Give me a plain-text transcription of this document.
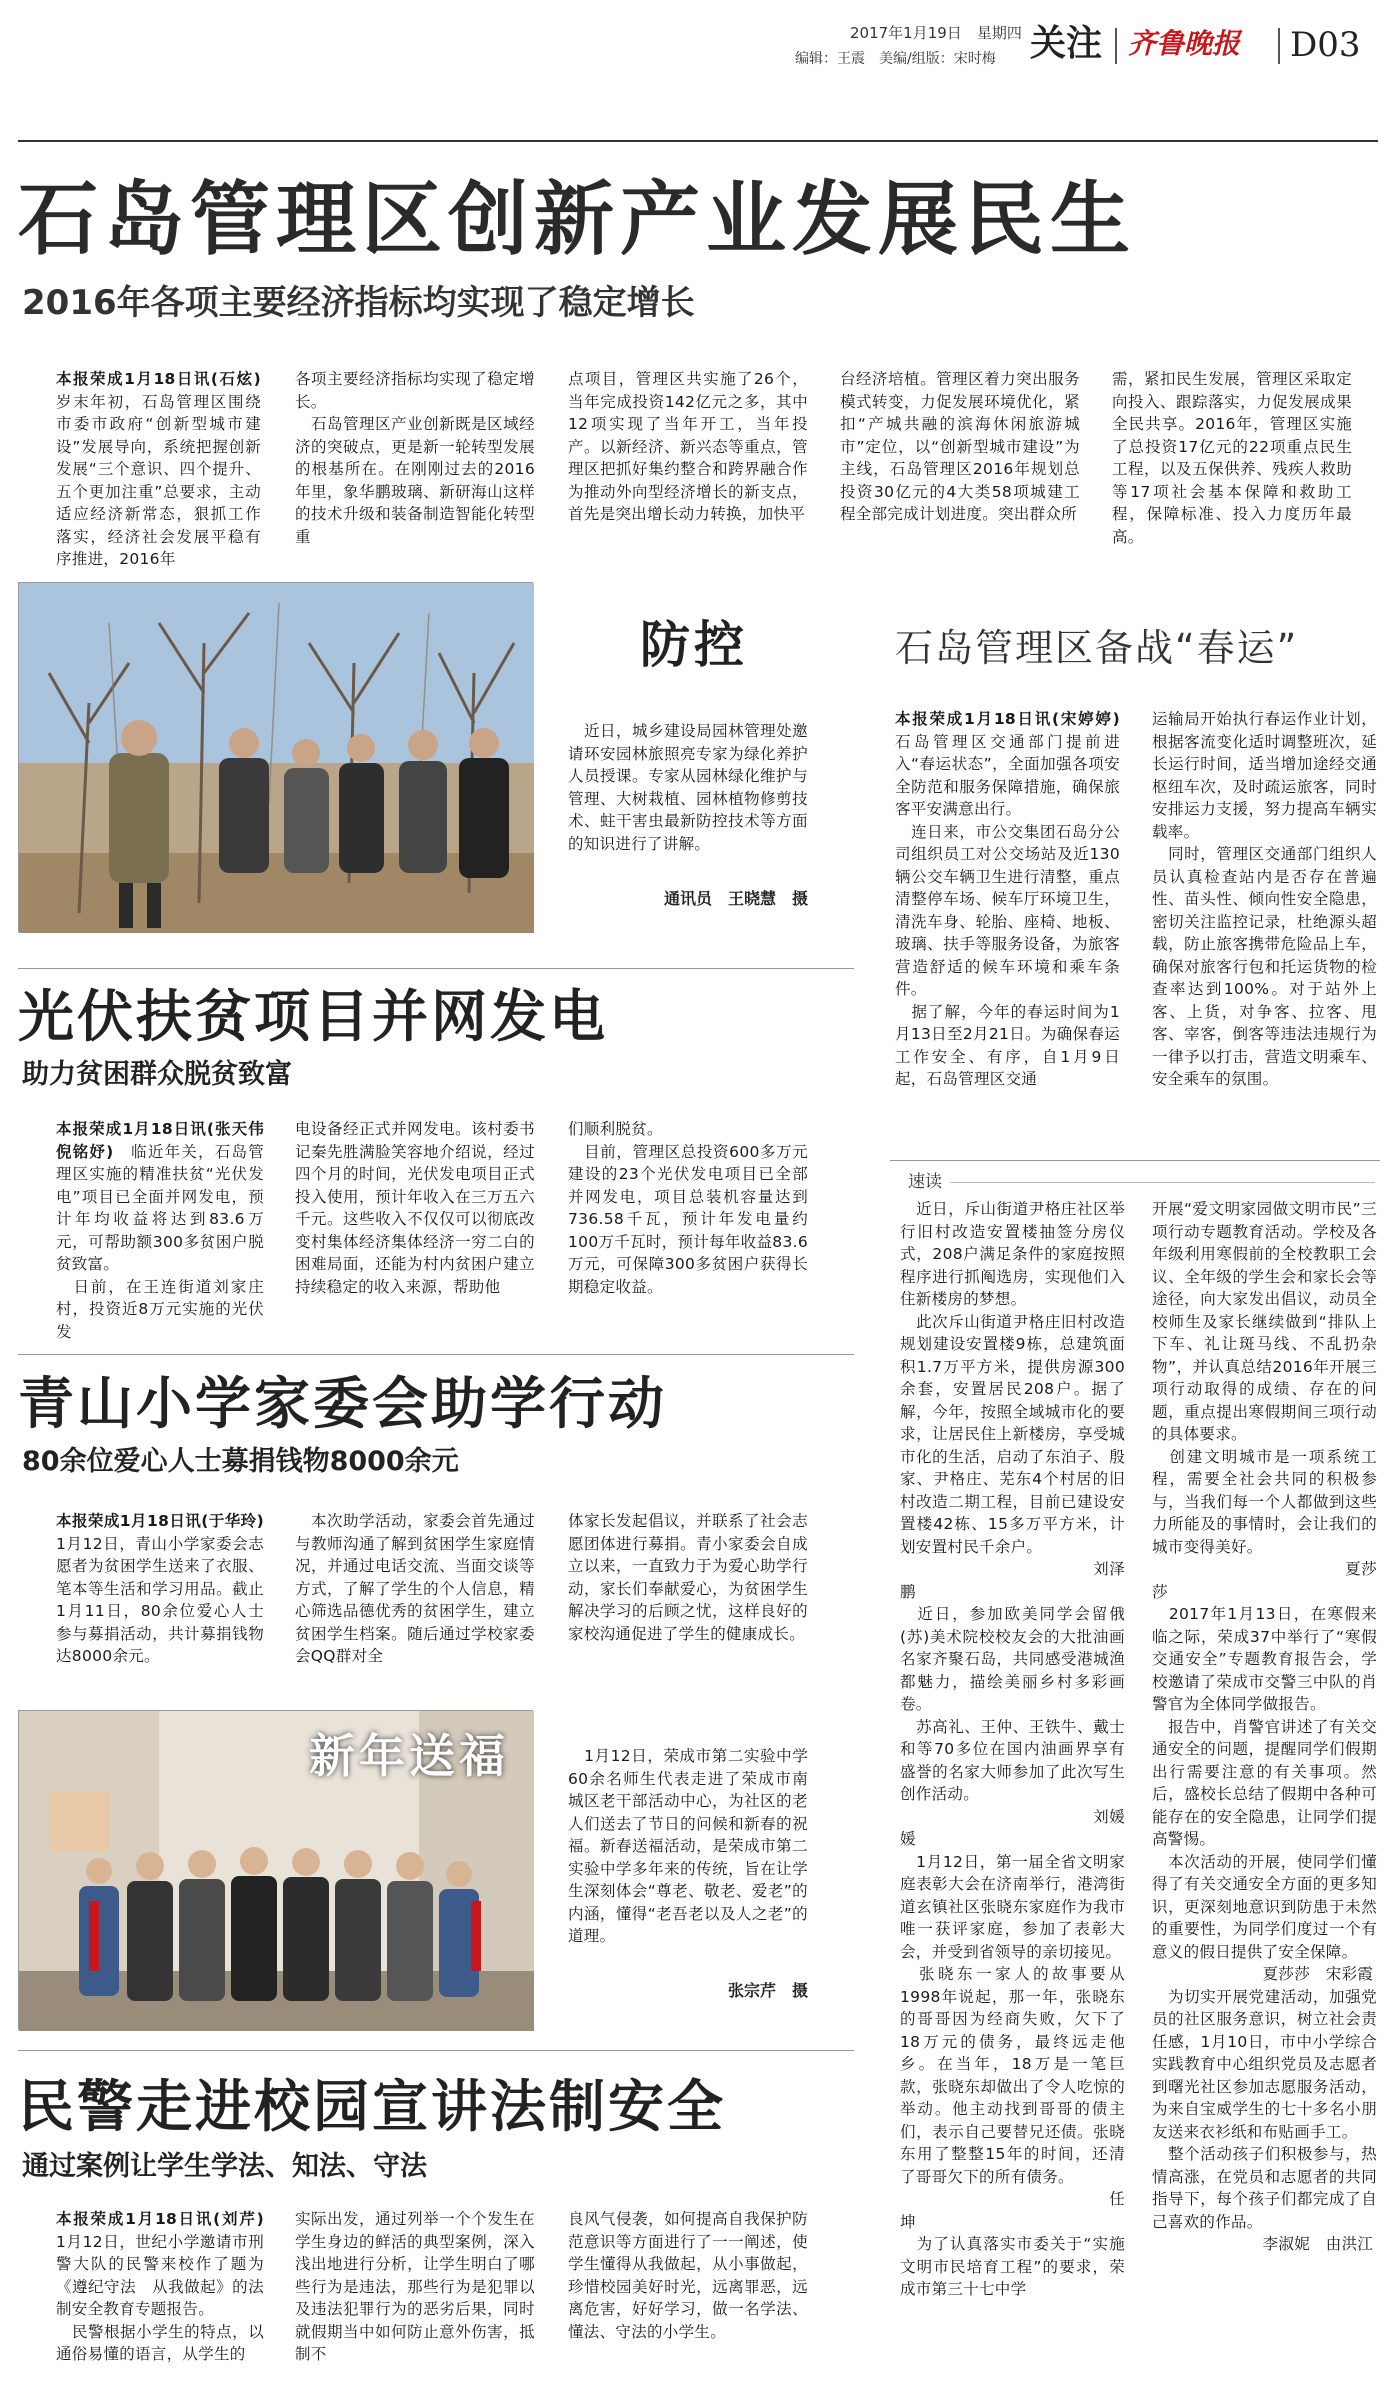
2017年1月19日　 星期四
编辑：王震　美编/组版：宋时梅 关注 齐鲁晚报 D03
石岛管理区创新产业发展民生
2016年各项主要经济指标均实现了稳定增长
本报荣成1月18日讯(石炫)　岁末年初，石岛管理区围绕市委市政府“创新型城市建设”发展导向，系统把握创新发展“三个意识、四个提升、五个更加注重”总要求，主动适应经济新常态，狠抓工作落实，经济社会发展平稳有序推进，2016年
各项主要经济指标均实现了稳定增长。
　石岛管理区产业创新既是区域经济的突破点，更是新一轮转型发展的根基所在。在刚刚过去的2016年里，象华鹏玻璃、新研海山这样的技术升级和装备制造智能化转型重
点项目，管理区共实施了26个，当年完成投资142亿元之多，其中12项实现了当年开工，当年投产。以新经济、新兴态等重点，管理区把抓好集约整合和跨界融合作为推动外向型经济增长的新支点，首先是突出增长动力转换，加快平
台经济培植。管理区着力突出服务模式转变，力促发展环境优化，紧扣“产城共融的滨海休闲旅游城市”定位，以“创新型城市建设”为主线，石岛管理区2016年规划总投资30亿元的4大类58项城建工程全部完成计划进度。突出群众所
需，紧扣民生发展，管理区采取定向投入、跟踪落实，力促发展成果全民共享。2016年，管理区实施了总投资17亿元的22项重点民生工程，以及五保供养、残疾人救助等17项社会基本保障和救助工程，保障标准、投入力度历年最高。
防控
　近日，城乡建设局园林管理处邀请环安园林旅照亮专家为绿化养护人员授课。专家从园林绿化维护与管理、大树栽植、园林植物修剪技术、蛀干害虫最新防控技术等方面的知识进行了讲解。
通讯员　王晓慧　摄
石岛管理区备战“春运”
本报荣成1月18日讯(宋婷婷)　石岛管理区交通部门提前进入“春运状态”，全面加强各项安全防范和服务保障措施，确保旅客平安满意出行。
　连日来，市公交集团石岛分公司组织员工对公交场站及近130辆公交车辆卫生进行清整，重点清整停车场、候车厅环境卫生，清洗车身、轮胎、座椅、地板、玻璃、扶手等服务设备，为旅客营造舒适的候车环境和乘车条件。
　据了解，今年的春运时间为1月13日至2月21日。为确保春运工作安全、有序，自1月9日起，石岛管理区交通
运输局开始执行春运作业计划，根据客流变化适时调整班次，延长运行时间，适当增加途经交通枢纽车次，及时疏运旅客，同时安排运力支援，努力提高车辆实载率。
　同时，管理区交通部门组织人员认真检查站内是否存在普遍性、苗头性、倾向性安全隐患，密切关注监控记录，杜绝源头超载，防止旅客携带危险品上车，确保对旅客行包和托运货物的检查率达到100%。对于站外上客、上货，对争客、拉客、甩客、宰客，倒客等违法违规行为一律予以打击，营造文明乘车、安全乘车的氛围。
光伏扶贫项目并网发电
助力贫困群众脱贫致富
本报荣成1月18日讯(张天伟　倪铭妤)　临近年关，石岛管理区实施的精准扶贫“光伏发电”项目已全面并网发电，预计年均收益将达到83.6万元，可帮助额300多贫困户脱贫致富。
　日前，在王连街道刘家庄村，投资近8万元实施的光伏发
电设备经正式并网发电。该村委书记秦先胜满脸笑容地介绍说，经过四个月的时间，光伏发电项目正式投入使用，预计年收入在三万五六千元。这些收入不仅仅可以彻底改变村集体经济集体经济一穷二白的困难局面，还能为村内贫困户建立持续稳定的收入来源，帮助他
们顺利脱贫。
　目前，管理区总投资600多万元建设的23个光伏发电项目已全部并网发电，项目总装机容量达到736.58千瓦，预计年发电量约100万千瓦时，预计每年收益83.6万元，可保障300多贫困户获得长期稳定收益。
青山小学家委会助学行动
80余位爱心人士募捐钱物8000余元
本报荣成1月18日讯(于华玲)　1月12日，青山小学家委会志愿者为贫困学生送来了衣服、笔本等生活和学习用品。截止1月11日，80余位爱心人士参与募捐活动，共计募捐钱物达8000余元。
　本次助学活动，家委会首先通过与教师沟通了解到贫困学生家庭情况，并通过电话交流、当面交谈等方式，了解了学生的个人信息，精心筛选品德优秀的贫困学生，建立贫困学生档案。随后通过学校家委会QQ群对全
体家长发起倡议，并联系了社会志愿团体进行募捐。青小家委会自成立以来，一直致力于为爱心助学行动，家长们奉献爱心，为贫困学生解决学习的后顾之忧，这样良好的家校沟通促进了学生的健康成长。
新年送福	　1月12日，荣成市第二实验中学60余名师生代表走进了荣成市南城区老干部活动中心，为社区的老人们送去了节日的问候和新春的祝福。新春送福活动，是荣成市第二实验中学多年来的传统，旨在让学生深刻体会“尊老、敬老、爱老”的内涵，懂得“老吾老以及人之老”的道理。
张宗芹　摄
民警走进校园宣讲法制安全
通过案例让学生学法、知法、守法
本报荣成1月18日讯(刘芹)　1月12日，世纪小学邀请市刑警大队的民警来校作了题为《遵纪守法　从我做起》的法制安全教育专题报告。
　民警根据小学生的特点，以通俗易懂的语言，从学生的
实际出发，通过列举一个个发生在学生身边的鲜活的典型案例，深入浅出地进行分析，让学生明白了哪些行为是违法，那些行为是犯罪以及违法犯罪行为的恶劣后果，同时就假期当中如何防止意外伤害，抵制不
良风气侵袭，如何提高自我保护防范意识等方面进行了一一阐述，使学生懂得从我做起，从小事做起，珍惜校园美好时光，远离罪恶，远离危害，好好学习，做一名学法、懂法、守法的小学生。
速读
　近日，斥山街道尹格庄社区举行旧村改造安置楼抽签分房仪式，208户满足条件的家庭按照程序进行抓阄选房，实现他们入住新楼房的梦想。
　此次斥山街道尹格庄旧村改造规划建设安置楼9栋，总建筑面积1.7万平方米，提供房源300余套，安置居民208户。据了解，今年，按照全域城市化的要求，让居民住上新楼房，享受城市化的生活，启动了东泊子、殷家、尹格庄、芜东4个村居的旧村改造二期工程，目前已建设安置楼42栋、15多万平方米，计划安置村民千余户。
　　　　　　　　　　　　刘泽鹏
　近日，参加欧美同学会留俄(苏)美术院校校友会的大批油画名家齐聚石岛，共同感受港城渔都魅力，描绘美丽乡村多彩画卷。
　苏高礼、王仲、王铁牛、戴士和等70多位在国内油画界享有盛誉的名家大师参加了此次写生创作活动。
　　　　　　　　　　　　刘媛媛
　1月12日，第一届全省文明家庭表彰大会在济南举行，港湾街道玄镇社区张晓东家庭作为我市唯一获评家庭，参加了表彰大会，并受到省领导的亲切接见。
　张晓东一家人的故事要从1998年说起，那一年，张晓东的哥哥因为经商失败，欠下了18万元的债务，最终远走他乡。在当年，18万是一笔巨款，张晓东却做出了令人吃惊的举动。他主动找到哥哥的债主们，表示自己要替兄还债。张晓东用了整整15年的时间，还清了哥哥欠下的所有债务。
　　　　　　　　　　　　　任坤
　为了认真落实市委关于“实施文明市民培育工程”的要求，荣成市第三十七中学
开展“爱文明家园做文明市民”三项行动专题教育活动。学校及各年级利用寒假前的全校教职工会议、全年级的学生会和家长会等途径，向大家发出倡议，动员全校师生及家长继续做到“排队上下车、礼让斑马线、不乱扔杂物”，并认真总结2016年开展三项行动取得的成绩、存在的问题，重点提出寒假期间三项行动的具体要求。
　创建文明城市是一项系统工程，需要全社会共同的积极参与，当我们每一个人都做到这些力所能及的事情时，会让我们的城市变得美好。
　　　　　　　　　　　　夏莎莎
　2017年1月13日，在寒假来临之际，荣成37中举行了“寒假交通安全”专题教育报告会，学校邀请了荣成市交警三中队的肖警官为全体同学做报告。
　报告中，肖警官讲述了有关交通安全的问题，提醒同学们假期出行需要注意的有关事项。然后，盛校长总结了假期中各种可能存在的安全隐患，让同学们提高警惕。
　本次活动的开展，使同学们懂得了有关交通安全方面的更多知识，更深刻地意识到防患于未然的重要性，为同学们度过一个有意义的假日提供了安全保障。
　　　　　　　夏莎莎　宋彩霞
　为切实开展党建活动，加强党员的社区服务意识，树立社会责任感，1月10日，市中小学综合实践教育中心组织党员及志愿者到曙光社区参加志愿服务活动，为来自宝威学生的七十多名小朋友送来衣衫纸和布贴画手工。
　整个活动孩子们积极参与，热情高涨，在党员和志愿者的共同指导下，每个孩子们都完成了自己喜欢的作品。
　　　　　　　李淑妮　由洪江
